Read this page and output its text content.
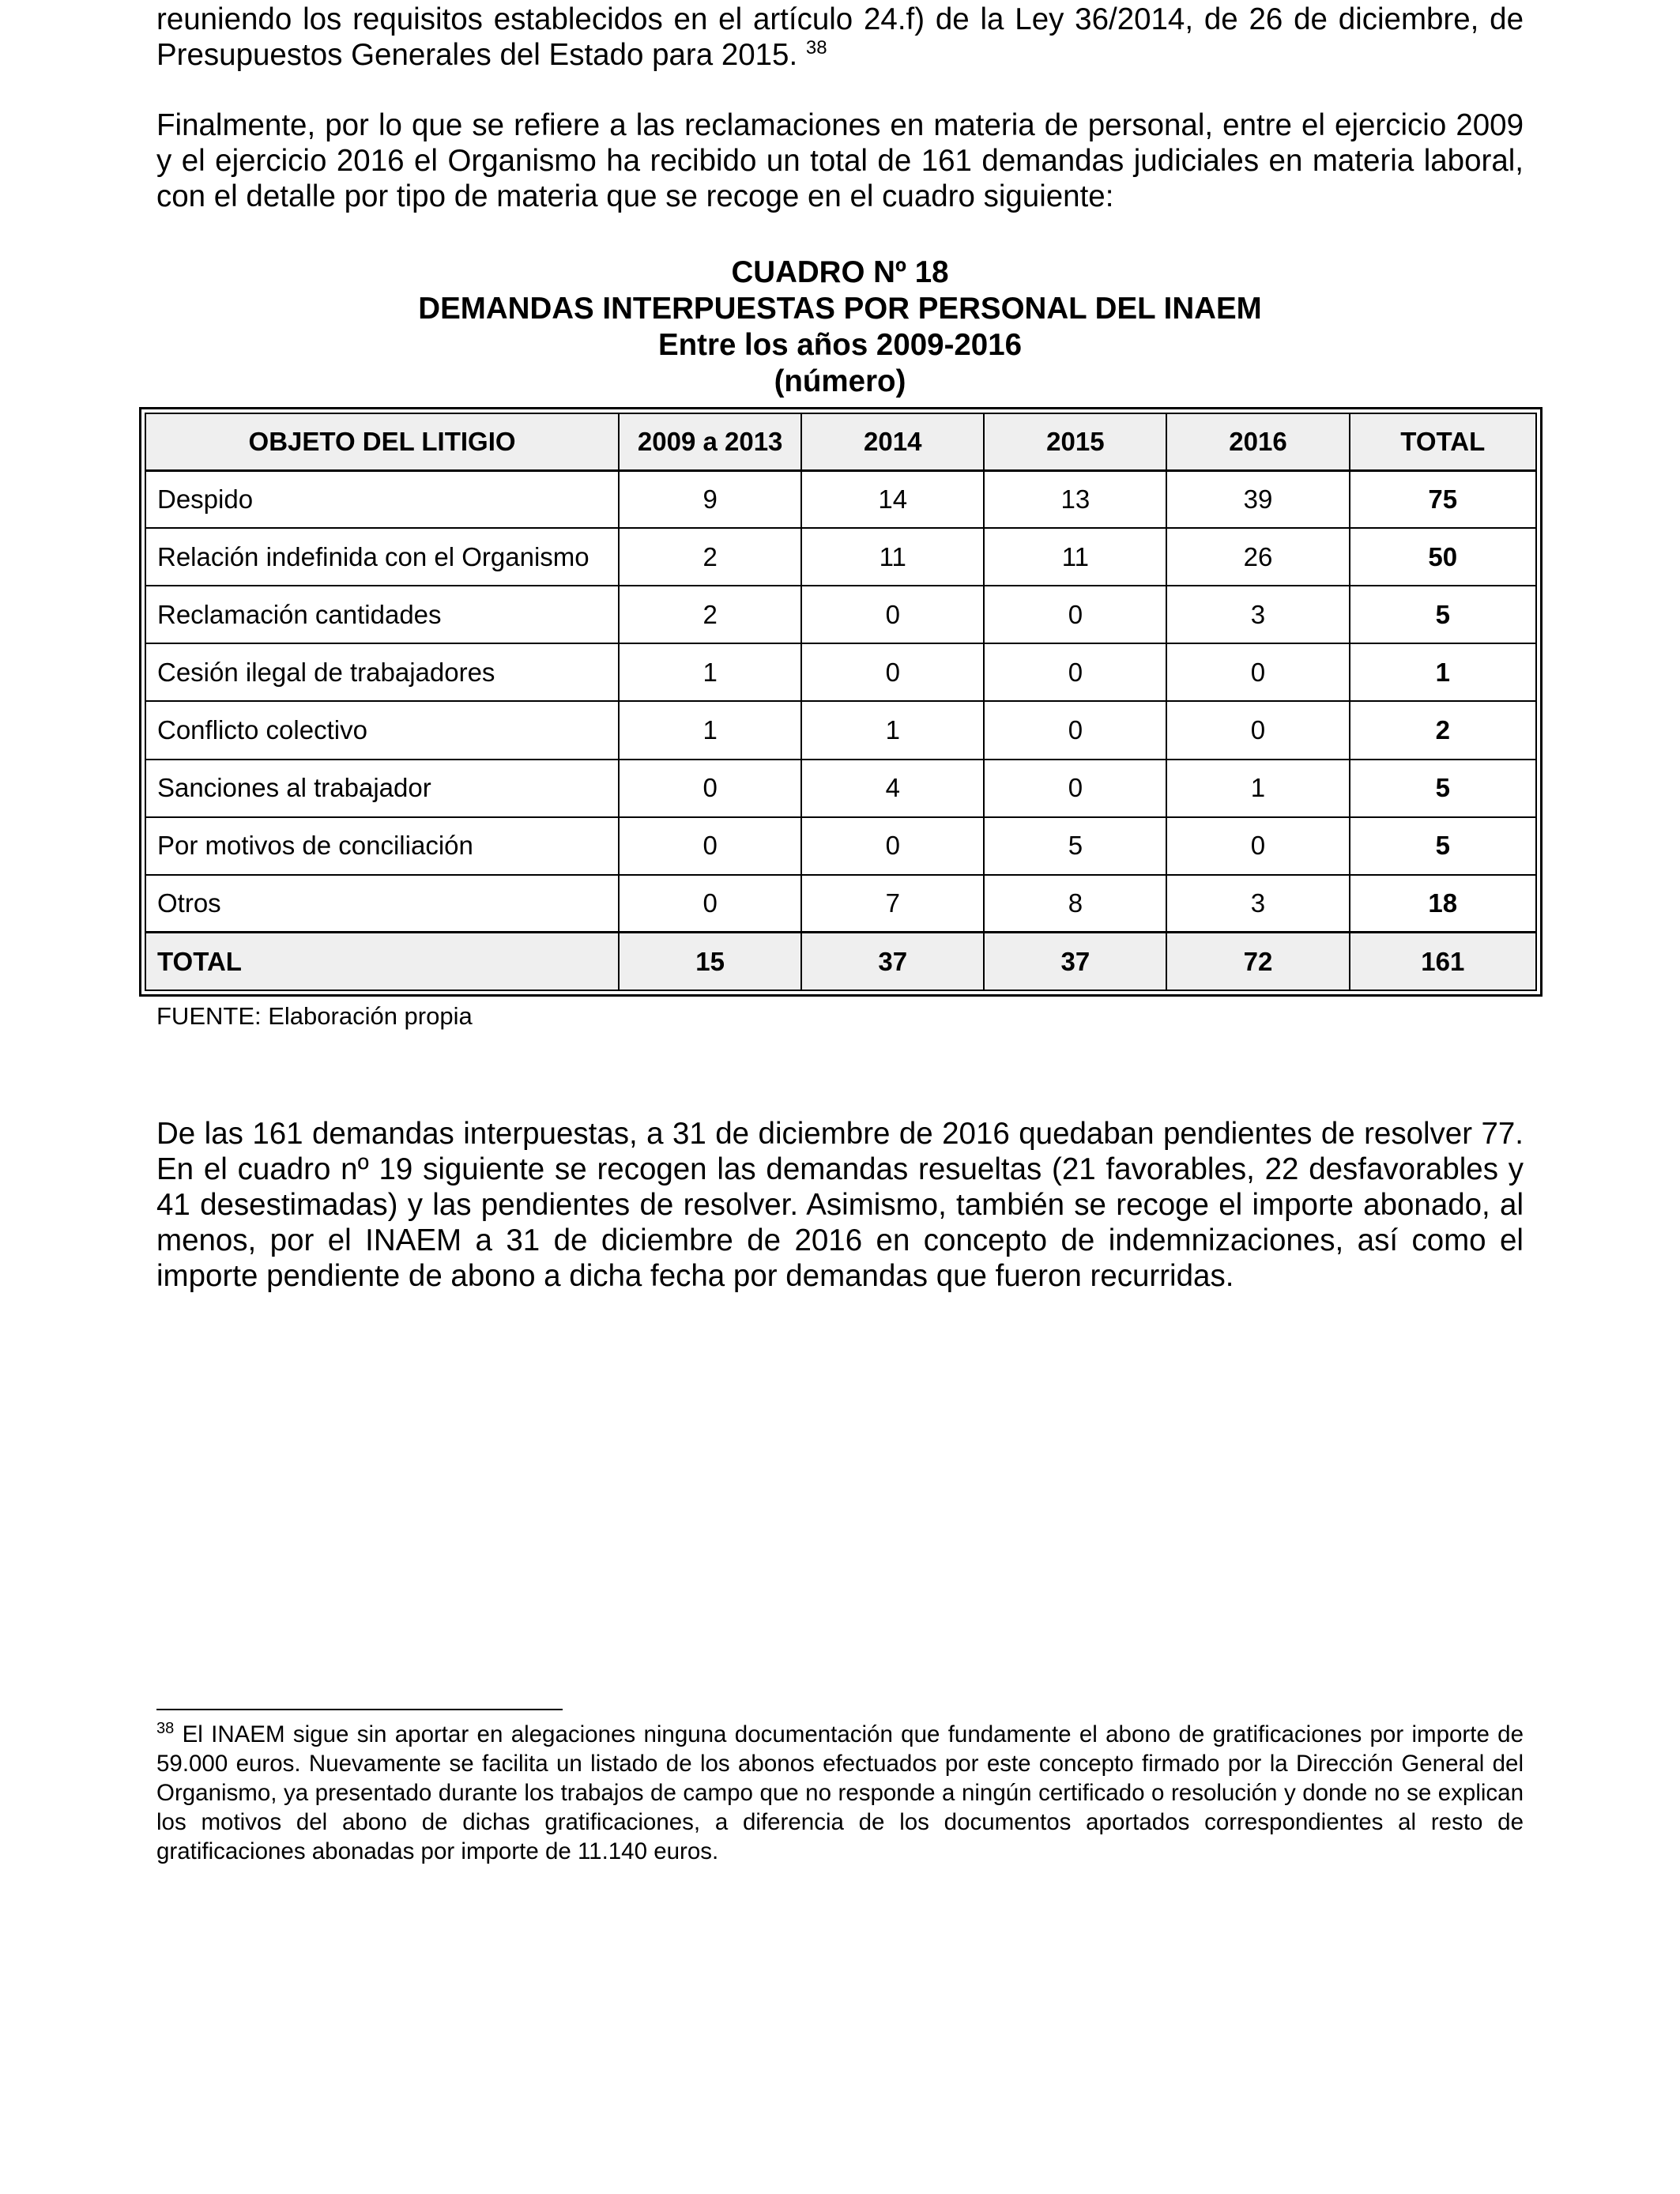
reuniendo los requisitos establecidos en el artículo 24.f) de la Ley 36/2014, de 26 de diciembre, de Presupuestos Generales del Estado para 2015. $^{38}$

Finalmente, por lo que se refiere a las reclamaciones en materia de personal, entre el ejercicio 2009 y el ejercicio 2016 el Organismo ha recibido un total de 161 demandas judiciales en materia laboral, con el detalle por tipo de materia que se recoge en el cuadro siguiente:

CUADRO Nº 18
DEMANDAS INTERPUESTAS POR PERSONAL DEL INAEM
Entre los años 2009-2016
(número)
OBJETO DEL LITIGIO	2009 a 2013	2014	2015	2016	TOTAL
Despido	9	14	13	39	75
Relación indefinida con el Organismo	2	11	11	26	50
Reclamación cantidades	2	0	0	3	5
Cesión ilegal de trabajadores	1	0	0	0	1
Conflicto colectivo	1	1	0	0	2
Sanciones al trabajador	0	4	0	1	5
Por motivos de conciliación	0	0	5	0	5
Otros	0	7	8	3	18
TOTAL	15	37	37	72	161
FUENTE: Elaboración propia

De las 161 demandas interpuestas, a 31 de diciembre de 2016 quedaban pendientes de resolver 77. En el cuadro nº 19 siguiente se recogen las demandas resueltas (21 favorables, 22 desfavorables y 41 desestimadas) y las pendientes de resolver. Asimismo, también se recoge el importe abonado, al menos, por el INAEM a 31 de diciembre de 2016 en concepto de indemnizaciones, así como el importe pendiente de abono a dicha fecha por demandas que fueron recurridas.

$^{38}$ El INAEM sigue sin aportar en alegaciones ninguna documentación que fundamente el abono de gratificaciones por importe de 59.000 euros. Nuevamente se facilita un listado de los abonos efectuados por este concepto firmado por la Dirección General del Organismo, ya presentado durante los trabajos de campo que no responde a ningún certificado o resolución y donde no se explican los motivos del abono de dichas gratificaciones, a diferencia de los documentos aportados correspondientes al resto de gratificaciones abonadas por importe de 11.140 euros.
